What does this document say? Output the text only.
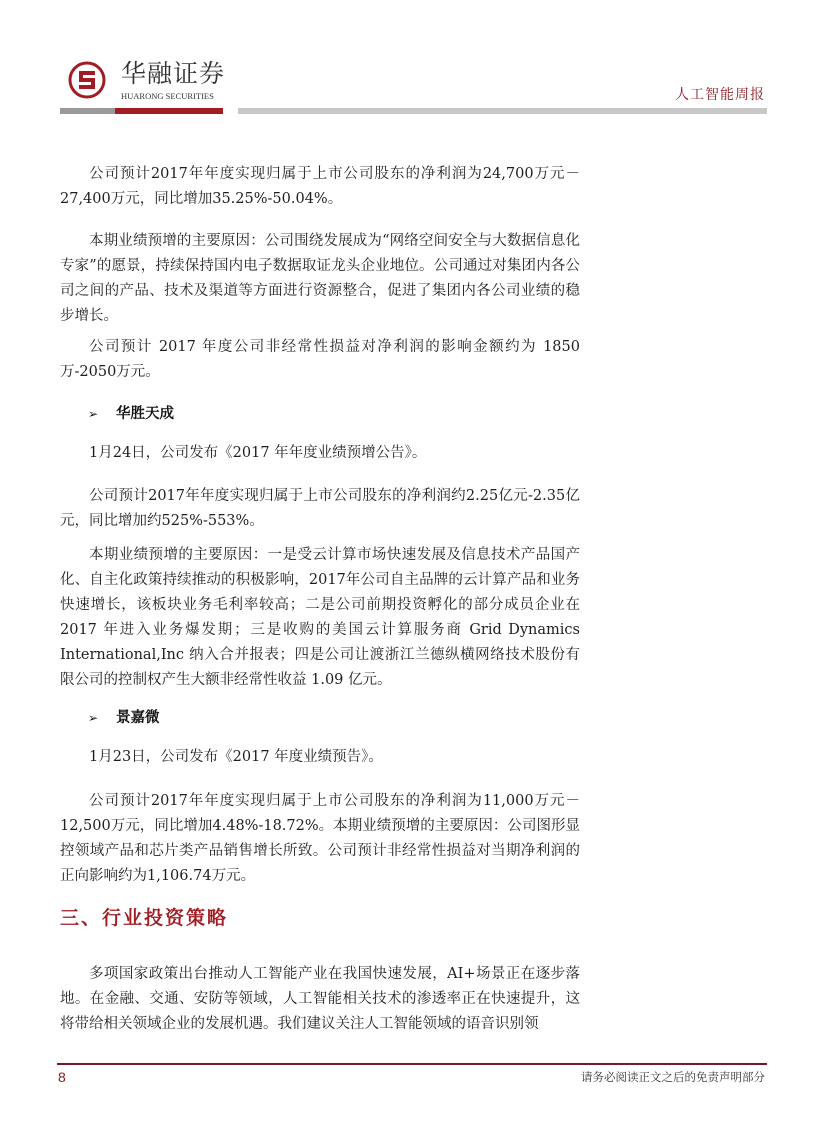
华融证券
HUARONG SECURITIES	人工智能周报

公司预计2017年年度实现归属于上市公司股东的净利润为24,700万元－27,400万元，同比增加35.25%-50.04%。

本期业绩预增的主要原因：公司围绕发展成为“网络空间安全与大数据信息化专家”的愿景，持续保持国内电子数据取证龙头企业地位。公司通过对集团内各公司之间的产品、技术及渠道等方面进行资源整合，促进了集团内各公司业绩的稳步增长。

公司预计 2017 年度公司非经常性损益对净利润的影响金额约为 1850 万-2050万元。

➢ 华胜天成

1月24日，公司发布《2017 年年度业绩预增公告》。

公司预计2017年年度实现归属于上市公司股东的净利润约2.25亿元-2.35亿元，同比增加约525%-553%。

本期业绩预增的主要原因：一是受云计算市场快速发展及信息技术产品国产化、自主化政策持续推动的积极影响，2017年公司自主品牌的云计算产品和业务快速增长，该板块业务毛利率较高；二是公司前期投资孵化的部分成员企业在 2017 年进入业务爆发期；三是收购的美国云计算服务商 Grid Dynamics International,Inc 纳入合并报表；四是公司让渡浙江兰德纵横网络技术股份有限公司的控制权产生大额非经常性收益 1.09 亿元。

➢ 景嘉微

1月23日，公司发布《2017 年度业绩预告》。

公司预计2017年年度实现归属于上市公司股东的净利润为11,000万元－12,500万元，同比增加4.48%-18.72%。本期业绩预增的主要原因：公司图形显控领域产品和芯片类产品销售增长所致。公司预计非经常性损益对当期净利润的正向影响约为1,106.74万元。

三、行业投资策略

多项国家政策出台推动人工智能产业在我国快速发展，AI+场景正在逐步落地。在金融、交通、安防等领域，人工智能相关技术的渗透率正在快速提升，这将带给相关领域企业的发展机遇。我们建议关注人工智能领域的语音识别领

8	请务必阅读正文之后的免责声明部分
